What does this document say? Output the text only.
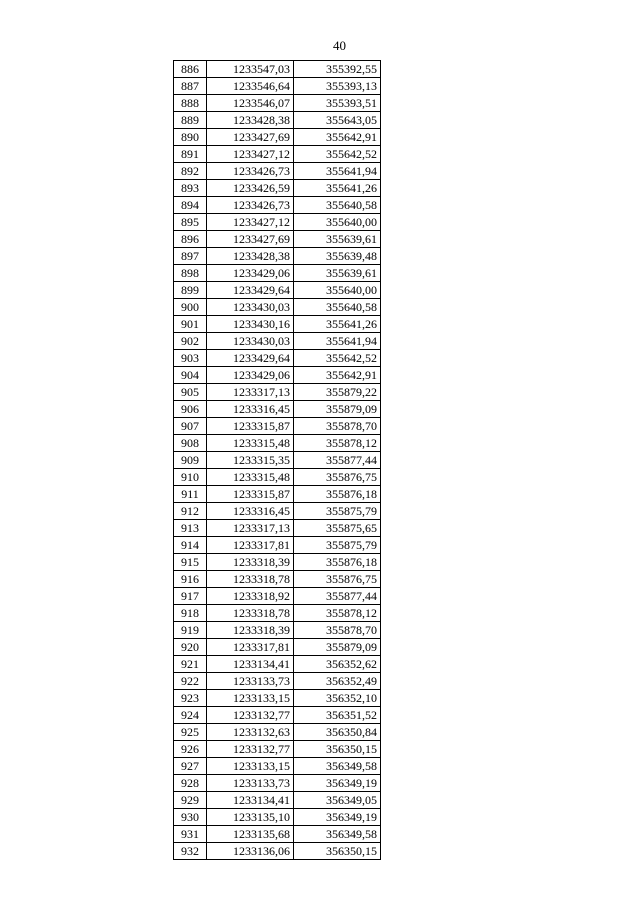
40
886	1233547,03	355392,55
887	1233546,64	355393,13
888	1233546,07	355393,51
889	1233428,38	355643,05
890	1233427,69	355642,91
891	1233427,12	355642,52
892	1233426,73	355641,94
893	1233426,59	355641,26
894	1233426,73	355640,58
895	1233427,12	355640,00
896	1233427,69	355639,61
897	1233428,38	355639,48
898	1233429,06	355639,61
899	1233429,64	355640,00
900	1233430,03	355640,58
901	1233430,16	355641,26
902	1233430,03	355641,94
903	1233429,64	355642,52
904	1233429,06	355642,91
905	1233317,13	355879,22
906	1233316,45	355879,09
907	1233315,87	355878,70
908	1233315,48	355878,12
909	1233315,35	355877,44
910	1233315,48	355876,75
911	1233315,87	355876,18
912	1233316,45	355875,79
913	1233317,13	355875,65
914	1233317,81	355875,79
915	1233318,39	355876,18
916	1233318,78	355876,75
917	1233318,92	355877,44
918	1233318,78	355878,12
919	1233318,39	355878,70
920	1233317,81	355879,09
921	1233134,41	356352,62
922	1233133,73	356352,49
923	1233133,15	356352,10
924	1233132,77	356351,52
925	1233132,63	356350,84
926	1233132,77	356350,15
927	1233133,15	356349,58
928	1233133,73	356349,19
929	1233134,41	356349,05
930	1233135,10	356349,19
931	1233135,68	356349,58
932	1233136,06	356350,15
